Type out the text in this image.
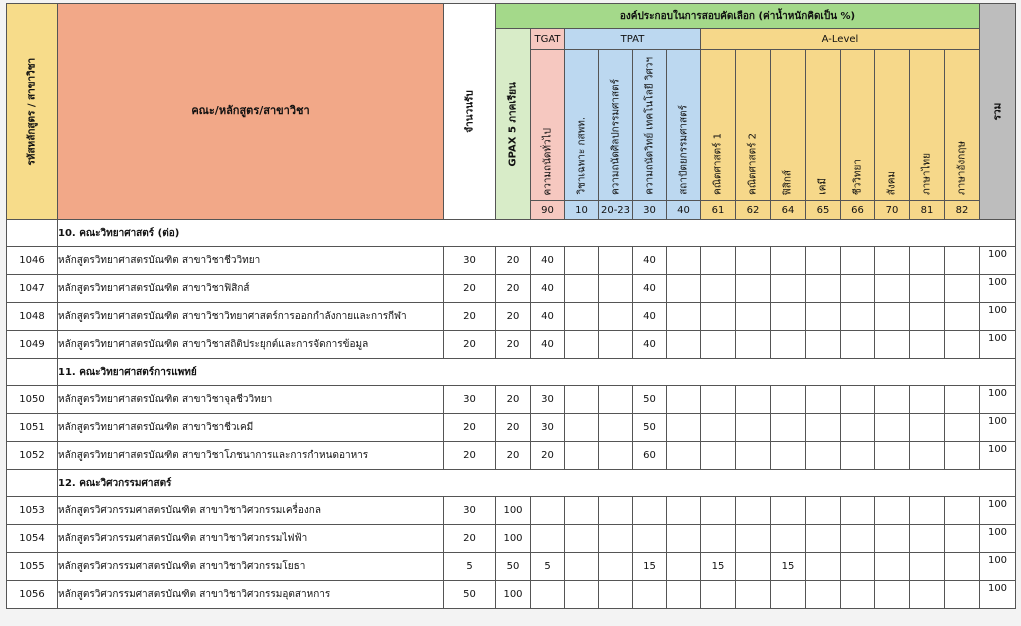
รหัสหลักสูตร / สาขาวิชา	คณะ/หลักสูตร/สาขาวิชา	จำนวนรับ	องค์ประกอบในการสอบคัดเลือก (ค่าน้ำหนักคิดเป็น %)														รวม

			GPAX 5 ภาคเรียน	TGAT	TPAT				A-Level								

				ความถนัดทั่วไป	วิชาเฉพาะ กสพท.	ความถนัดศิลปกรรมศาสตร์	ความถนัดวิทย์ เทคโนโลยี วิศวฯ	สถาปัตยกรรมศาสตร์	คณิตศาสตร์ 1	คณิตศาสตร์ 2	ฟิสิกส์	เคมี	ชีววิทยา	สังคม	ภาษาไทย	ภาษาอังกฤษ	

				90	10	20-23	30	40	61	62	64	65	66	70	81	82	
	10. คณะวิทยาศาสตร์ (ต่อ)																
1046	หลักสูตรวิทยาศาสตรบัณฑิต สาขาวิชาชีววิทยา	30	20	40			40										100
1047	หลักสูตรวิทยาศาสตรบัณฑิต สาขาวิชาฟิสิกส์	20	20	40			40										100
1048	หลักสูตรวิทยาศาสตรบัณฑิต สาขาวิชาวิทยาศาสตร์การออกกำลังกายและการกีฬา	20	20	40			40										100
1049	หลักสูตรวิทยาศาสตรบัณฑิต สาขาวิชาสถิติประยุกต์และการจัดการข้อมูล	20	20	40			40										100
	11. คณะวิทยาศาสตร์การแพทย์																
1050	หลักสูตรวิทยาศาสตรบัณฑิต สาขาวิชาจุลชีววิทยา	30	20	30			50										100
1051	หลักสูตรวิทยาศาสตรบัณฑิต สาขาวิชาชีวเคมี	20	20	30			50										100
1052	หลักสูตรวิทยาศาสตรบัณฑิต สาขาวิชาโภชนาการและการกำหนดอาหาร	20	20	20			60										100
	12. คณะวิศวกรรมศาสตร์																
1053	หลักสูตรวิศวกรรมศาสตรบัณฑิต สาขาวิชาวิศวกรรมเครื่องกล	30	100														100
1054	หลักสูตรวิศวกรรมศาสตรบัณฑิต สาขาวิชาวิศวกรรมไฟฟ้า	20	100														100
1055	หลักสูตรวิศวกรรมศาสตรบัณฑิต สาขาวิชาวิศวกรรมโยธา	5	50	5			15		15		15						100
1056	หลักสูตรวิศวกรรมศาสตรบัณฑิต สาขาวิชาวิศวกรรมอุตสาหการ	50	100														100
